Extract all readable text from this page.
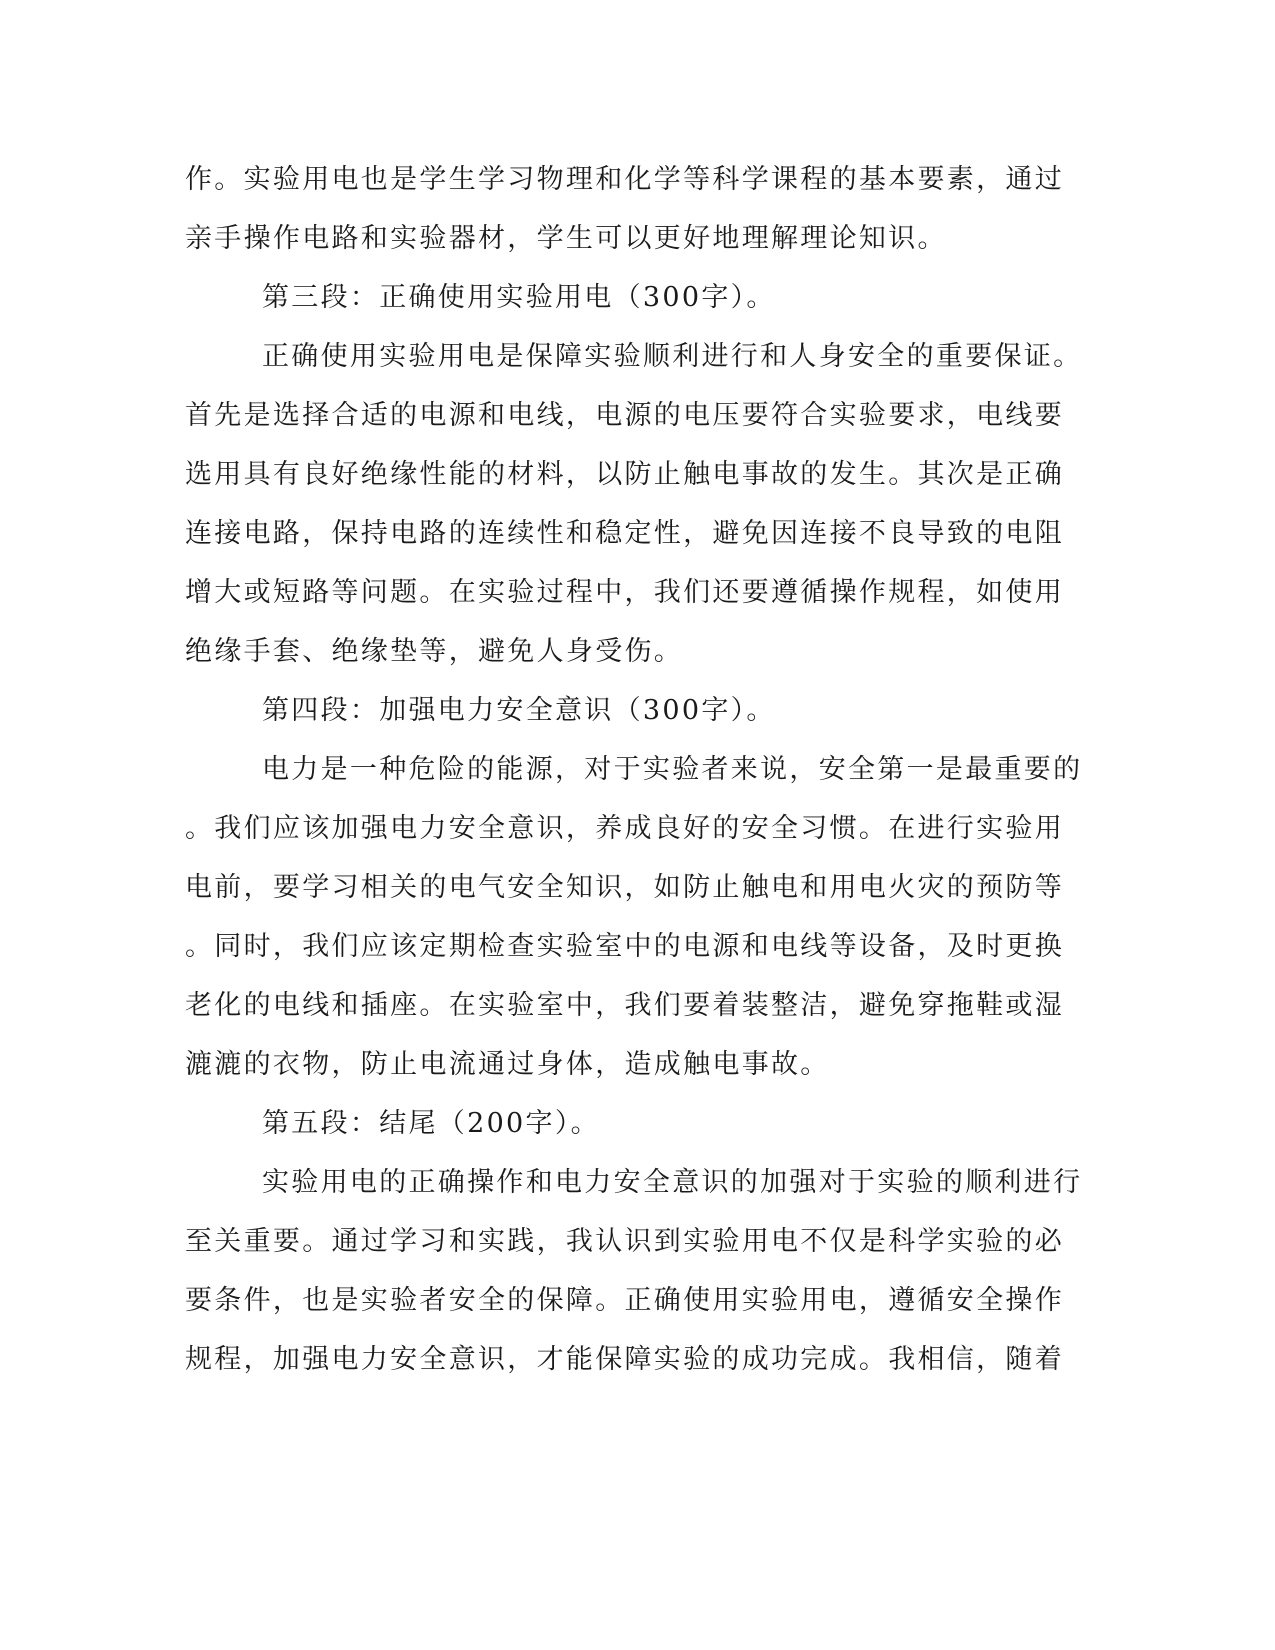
作。实验用电也是学生学习物理和化学等科学课程的基本要素，通过

亲手操作电路和实验器材，学生可以更好地理解理论知识。

第三段：正确使用实验用电（300字）。

正确使用实验用电是保障实验顺利进行和人身安全的重要保证。

首先是选择合适的电源和电线，电源的电压要符合实验要求，电线要

选用具有良好绝缘性能的材料，以防止触电事故的发生。其次是正确

连接电路，保持电路的连续性和稳定性，避免因连接不良导致的电阻

增大或短路等问题。在实验过程中，我们还要遵循操作规程，如使用

绝缘手套、绝缘垫等，避免人身受伤。

第四段：加强电力安全意识（300字）。

电力是一种危险的能源，对于实验者来说，安全第一是最重要的

。我们应该加强电力安全意识，养成良好的安全习惯。在进行实验用

电前，要学习相关的电气安全知识，如防止触电和用电火灾的预防等

。同时，我们应该定期检查实验室中的电源和电线等设备，及时更换

老化的电线和插座。在实验室中，我们要着装整洁，避免穿拖鞋或湿

漉漉的衣物，防止电流通过身体，造成触电事故。

第五段：结尾（200字）。

实验用电的正确操作和电力安全意识的加强对于实验的顺利进行

至关重要。通过学习和实践，我认识到实验用电不仅是科学实验的必

要条件，也是实验者安全的保障。正确使用实验用电，遵循安全操作

规程，加强电力安全意识，才能保障实验的成功完成。我相信，随着
